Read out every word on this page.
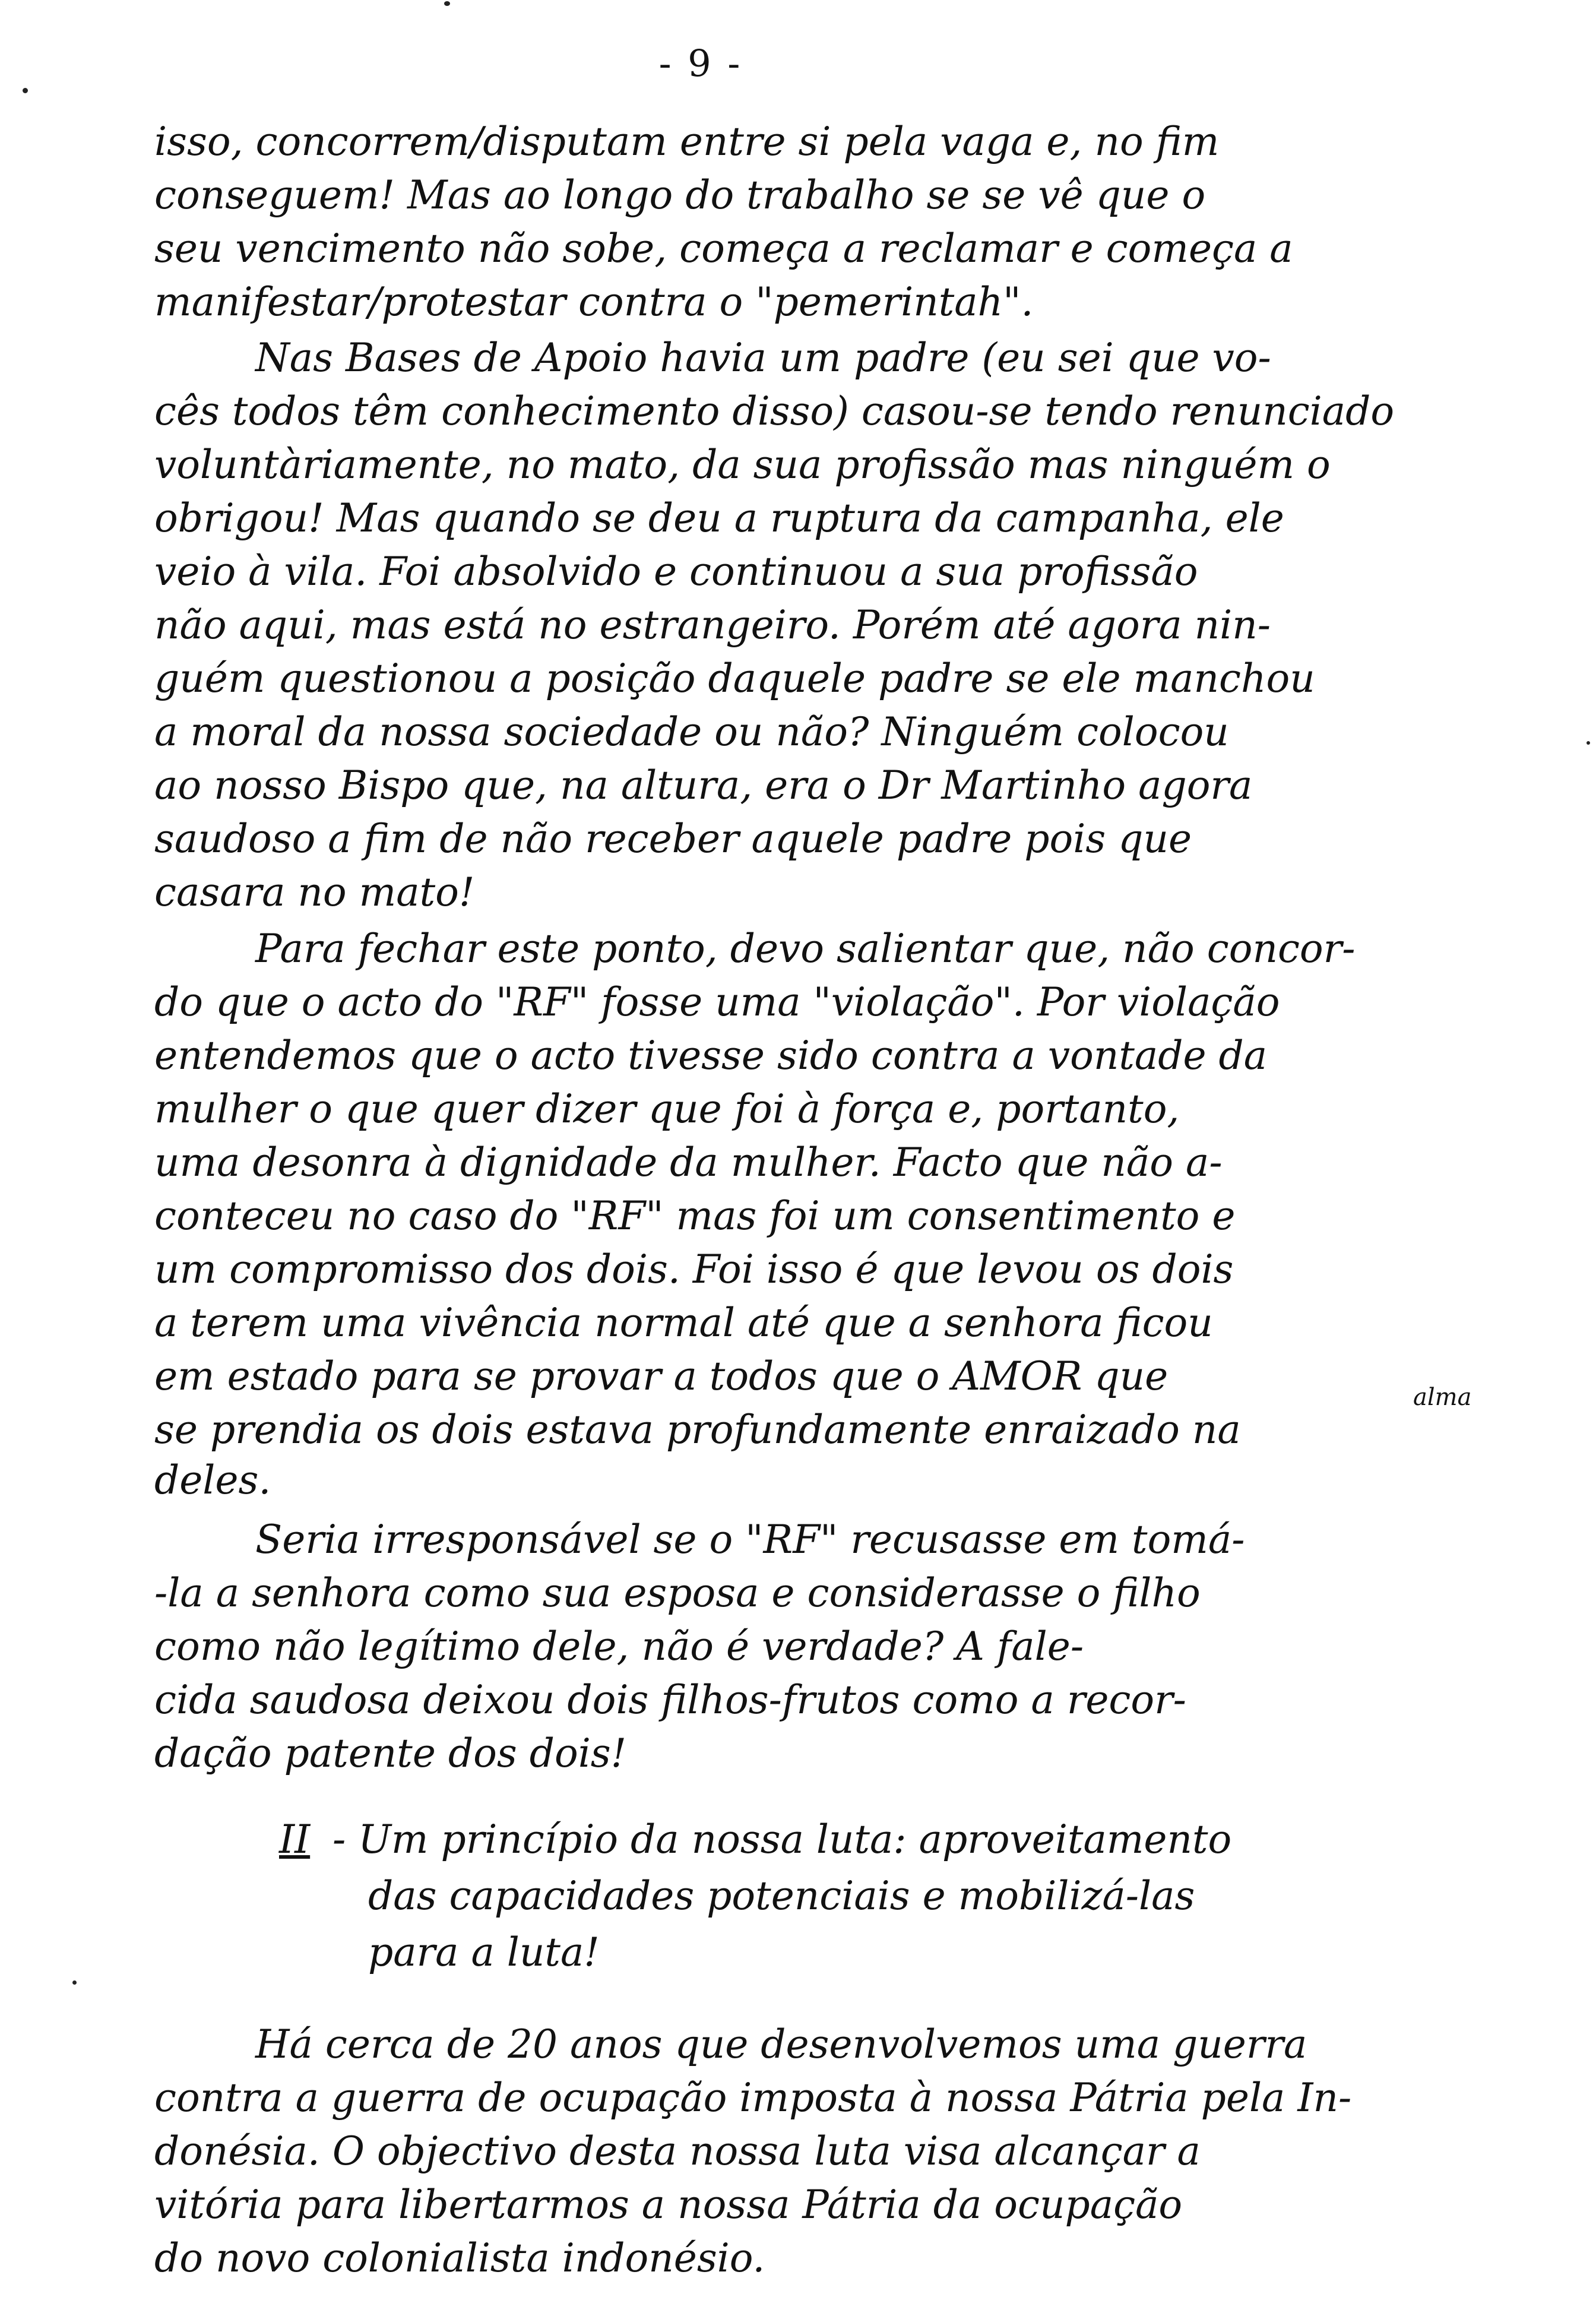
- 9 -
isso, concorrem/disputam entre si pela vaga e, no fim
conseguem! Mas ao longo do trabalho se se vê que o
seu vencimento não sobe, começa a reclamar e começa a
manifestar/protestar contra o "pemerintah".
Nas Bases de Apoio havia um padre (eu sei que vo-
cês todos têm conhecimento disso) casou-se tendo renunciado
voluntàriamente, no mato, da sua profissão mas ninguém o
obrigou! Mas quando se deu a ruptura da campanha, ele
veio à vila. Foi absolvido e continuou a sua profissão
não aqui, mas está no estrangeiro. Porém até agora nin-
guém questionou a posição daquele padre se ele manchou
a moral da nossa sociedade ou não? Ninguém colocou
ao nosso Bispo que, na altura, era o Dr Martinho agora
saudoso a fim de não receber aquele padre pois que
casara no mato!
Para fechar este ponto, devo salientar que, não concor-
do que o acto do "RF" fosse uma "violação". Por violação
entendemos que o acto tivesse sido contra a vontade da
mulher o que quer dizer que foi à força e, portanto,
uma desonra à dignidade da mulher. Facto que não a-
conteceu no caso do "RF" mas foi um consentimento e
um compromisso dos dois. Foi isso é que levou os dois
a terem uma vivência normal até que a senhora ficou
em estado para se provar a todos que o AMOR que	alma
se prendia os dois estava profundamente enraizado na
deles.
Seria irresponsável se o "RF" recusasse em tomá-
-la a senhora como sua esposa e considerasse o filho
como não legítimo dele, não é verdade? A fale-
cida saudosa deixou dois filhos-frutos como a recor-
dação patente dos dois!
II - Um princípio da nossa luta: aproveitamento
das capacidades potenciais e mobilizá-las
para a luta!
Há cerca de 20 anos que desenvolvemos uma guerra
contra a guerra de ocupação imposta à nossa Pátria pela In-
donésia. O objectivo desta nossa luta visa alcançar a
vitória para libertarmos a nossa Pátria da ocupação
do novo colonialista indonésio.
